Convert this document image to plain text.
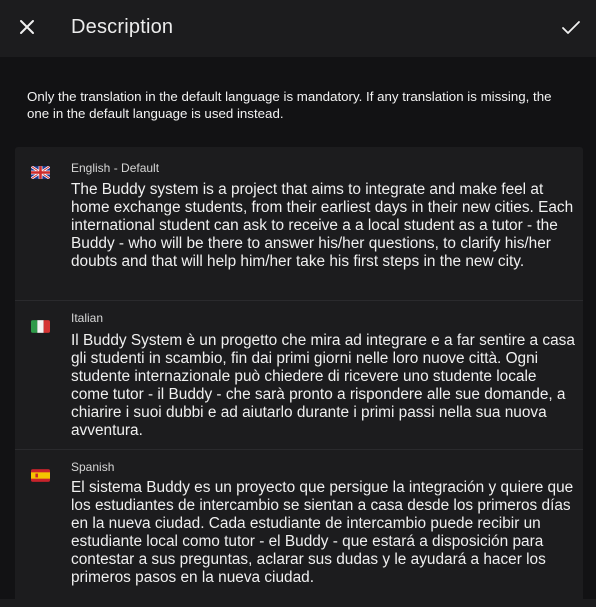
Description
Only the translation in the default language is mandatory. If any translation is missing, the one in the default language is used instead.
English - Default
The Buddy system is a project that aims to integrate and make feel at home exchange students, from their earliest days in their new cities. Each international student can ask to receive a a local student as a tutor - the Buddy - who will be there to answer his/her questions, to clarify his/her doubts and that will help him/her take his first steps in the new city.
Italian
Il Buddy System è un progetto che mira ad integrare e a far sentire a casa gli studenti in scambio, fin dai primi giorni nelle loro nuove città. Ogni studente internazionale può chiedere di ricevere uno studente locale come tutor - il Buddy - che sarà pronto a rispondere alle sue domande, a chiarire i suoi dubbi e ad aiutarlo durante i primi passi nella sua nuova avventura.
Spanish
El sistema Buddy es un proyecto que persigue la integración y quiere que los estudiantes de intercambio se sientan a casa desde los primeros días en la nueva ciudad. Cada estudiante de intercambio puede recibir un estudiante local como tutor - el Buddy - que estará a disposición para contestar a sus preguntas, aclarar sus dudas y le ayudará a hacer los primeros pasos en la nueva ciudad.
